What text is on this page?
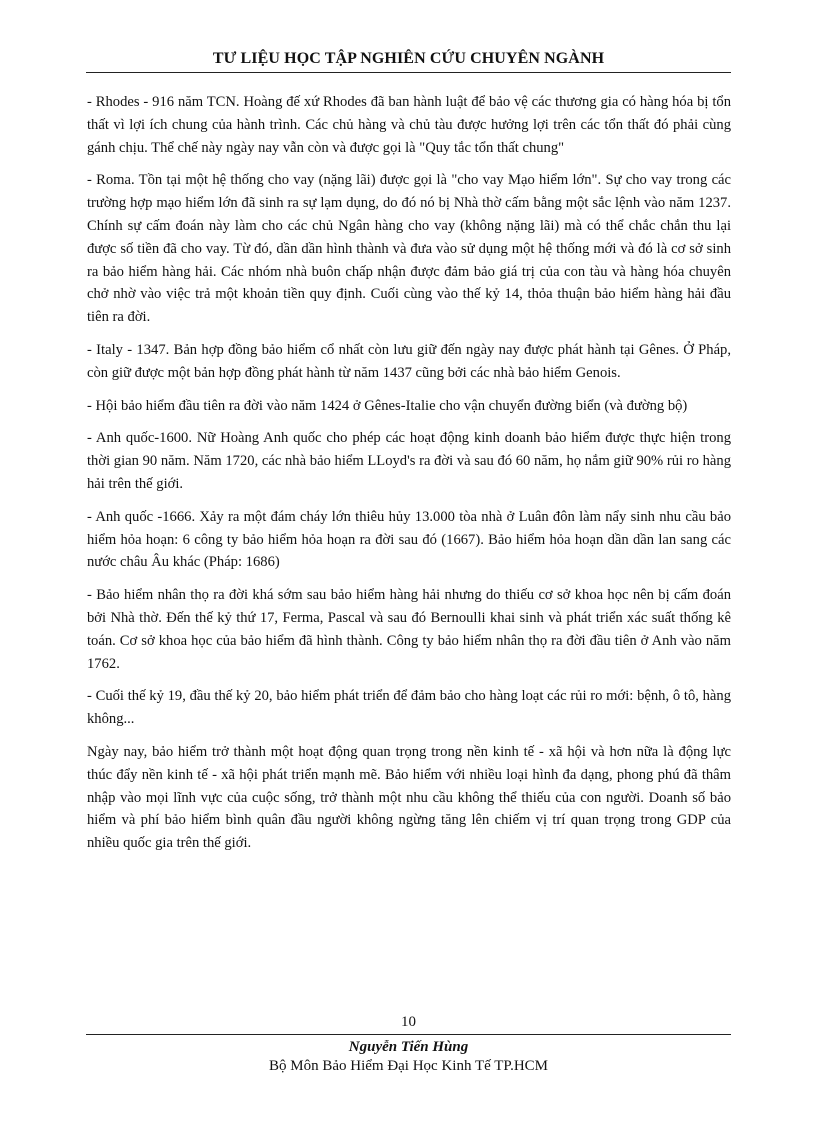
TƯ LIỆU HỌC TẬP NGHIÊN CỨU CHUYÊN NGÀNH

- Rhodes - 916 năm TCN. Hoàng đế xứ Rhodes đã ban hành luật để bảo vệ các thương gia có hàng hóa bị tổn thất vì lợi ích chung của hành trình. Các chủ hàng và chủ tàu được hưởng lợi trên các tổn thất đó phải cùng gánh chịu. Thể chế này ngày nay vẫn còn và được gọi là "Quy tắc tổn thất chung"

- Roma. Tồn tại một hệ thống cho vay (nặng lãi) được gọi là "cho vay Mạo hiểm lớn". Sự cho vay trong các trường hợp mạo hiểm lớn đã sinh ra sự lạm dụng, do đó nó bị Nhà thờ cấm bằng một sắc lệnh vào năm 1237. Chính sự cấm đoán này làm cho các chủ Ngân hàng cho vay (không nặng lãi) mà có thể chắc chắn thu lại được số tiền đã cho vay. Từ đó, dần dần hình thành và đưa vào sử dụng một hệ thống mới và đó là cơ sở sinh ra bảo hiểm hàng hải. Các nhóm nhà buôn chấp nhận được đảm bảo giá trị của con tàu và hàng hóa chuyên chở nhờ vào việc trả một khoản tiền quy định. Cuối cùng vào thế kỷ 14, thỏa thuận bảo hiểm hàng hải đầu tiên ra đời.

- Italy - 1347. Bản hợp đồng bảo hiểm cổ nhất còn lưu giữ đến ngày nay được phát hành tại Gênes. Ở Pháp, còn giữ được một bản hợp đồng phát hành từ năm 1437 cũng bởi các nhà bảo hiểm Genois.

- Hội bảo hiểm đầu tiên ra đời vào năm 1424 ở Gênes-Italie cho vận chuyển đường biển (và đường bộ)

- Anh quốc-1600. Nữ Hoàng Anh quốc cho phép các hoạt động kinh doanh bảo hiểm được thực hiện trong thời gian 90 năm. Năm 1720, các nhà bảo hiểm LLoyd's ra đời và sau đó 60 năm, họ nắm giữ 90% rủi ro hàng hải trên thế giới.

- Anh quốc -1666. Xảy ra một đám cháy lớn thiêu hủy 13.000 tòa nhà ở Luân đôn làm nẩy sinh nhu cầu bảo hiểm hỏa hoạn: 6 công ty bảo hiểm hỏa hoạn ra đời sau đó (1667). Bảo hiểm hỏa hoạn dần dần lan sang các nước châu Âu khác (Pháp: 1686)

- Bảo hiểm nhân thọ ra đời khá sớm sau bảo hiểm hàng hải nhưng do thiếu cơ sở khoa học nên bị cấm đoán bởi Nhà thờ. Đến thế kỷ thứ 17, Ferma, Pascal và sau đó Bernoulli khai sinh và phát triển xác suất thống kê toán. Cơ sở khoa học của bảo hiểm đã hình thành. Công ty bảo hiểm nhân thọ ra đời đầu tiên ở Anh vào năm 1762.

- Cuối thế kỷ 19, đầu thế kỷ 20, bảo hiểm phát triển để đảm bảo cho hàng loạt các rủi ro mới: bệnh, ô tô, hàng không...

Ngày nay, bảo hiểm trở thành một hoạt động quan trọng trong nền kinh tế - xã hội và hơn nữa là động lực thúc đẩy nền kinh tế - xã hội phát triển mạnh mẽ. Bảo hiểm với nhiều loại hình đa dạng, phong phú đã thâm nhập vào mọi lĩnh vực của cuộc sống, trở thành một nhu cầu không thể thiếu của con người. Doanh số bảo hiểm và phí bảo hiểm bình quân đầu người không ngừng tăng lên chiếm vị trí quan trọng trong GDP của nhiều quốc gia trên thế giới.

10
Nguyễn Tiến Hùng
Bộ Môn Bảo Hiểm Đại Học Kinh Tế TP.HCM
